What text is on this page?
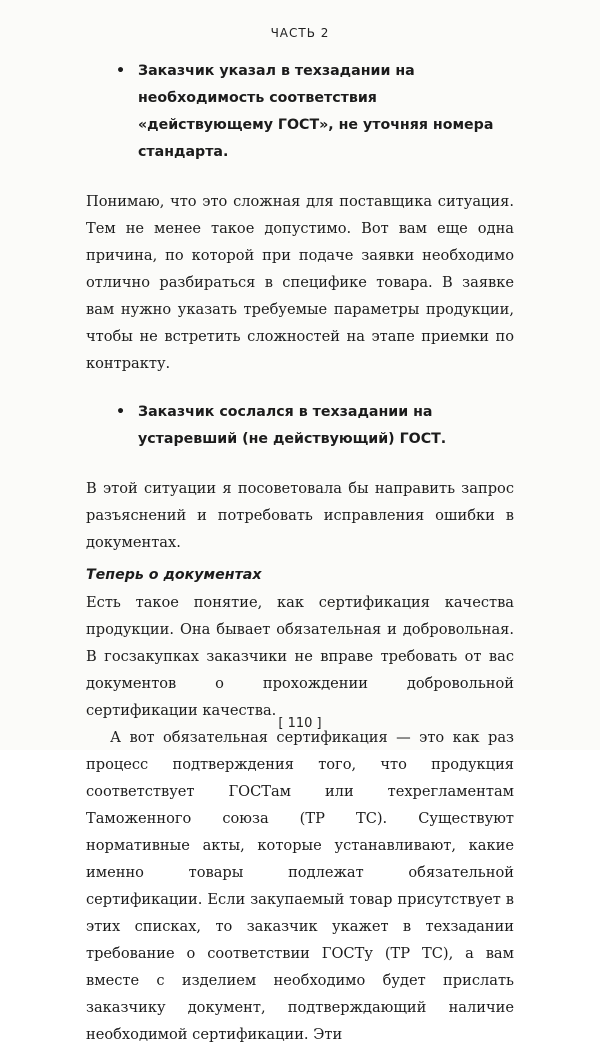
ЧАСТЬ 2
• Заказчик указал в техзадании на необходимость соответствия «действующему ГОСТ», не уточняя номера стандарта.

Понимаю, что это сложная для поставщика ситуация. Тем не менее такое допустимо. Вот вам еще одна причина, по которой при подаче заявки необходимо отлично разбираться в специфике товара. В заявке вам нужно указать требуемые параметры продукции, чтобы не встретить сложностей на этапе приемки по контракту.

• Заказчик сослался в техзадании на устаревший (не действующий) ГОСТ.

В этой ситуации я посоветовала бы направить запрос разъяснений и потребовать исправления ошибки в документах.

Теперь о документах

Есть такое понятие, как сертификация качества продукции. Она бывает обязательная и добровольная. В госзакупках заказчики не вправе требовать от вас документов о прохождении добровольной сертификации качества.

А вот обязательная сертификация — это как раз процесс подтверждения того, что продукция соответствует ГОСТам или техрегламентам Таможенного союза (ТР ТС). Существуют нормативные акты, которые устанавливают, какие именно товары подлежат обязательной сертификации. Если закупаемый товар присутствует в этих списках, то заказчик укажет в техзадании требование о соответствии ГОСТу (ТР ТС), а вам вместе с изделием необходимо будет прислать заказчику документ, подтверждающий наличие необходимой сертификации. Эти

[ 110 ]
